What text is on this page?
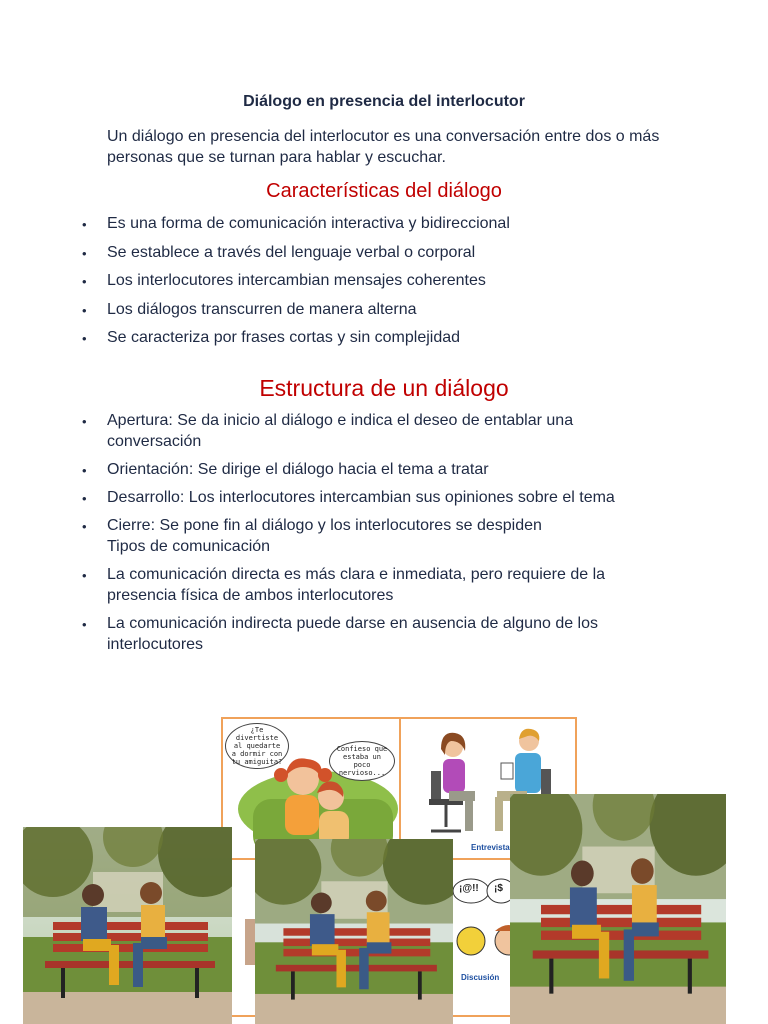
Diálogo en presencia del interlocutor
Un diálogo en presencia del interlocutor es una conversación entre dos o más personas que se turnan para hablar y escuchar.
Características del diálogo
• Es una forma de comunicación interactiva y bidireccional
• Se establece a través del lenguaje verbal o corporal
• Los interlocutores intercambian mensajes coherentes
• Los diálogos transcurren de manera alterna
• Se caracteriza por frases cortas y sin complejidad
Estructura de un diálogo
• Apertura: Se da inicio al diálogo e indica el deseo de entablar una conversación
• Orientación: Se dirige el diálogo hacia el tema a tratar
• Desarrollo: Los interlocutores intercambian sus opiniones sobre el tema
• Cierre: Se pone fin al diálogo y los interlocutores se despiden
Tipos de comunicación
• La comunicación directa es más clara e inmediata, pero requiere de la presencia física de ambos interlocutores
• La comunicación indirecta puede darse en ausencia de alguno de los interlocutores
¿Te divertiste al quedarte a dormir con tu amiguita?
Confieso que estaba un poco nervioso...
Entrevista
¡@!! ¡$
Discusión
